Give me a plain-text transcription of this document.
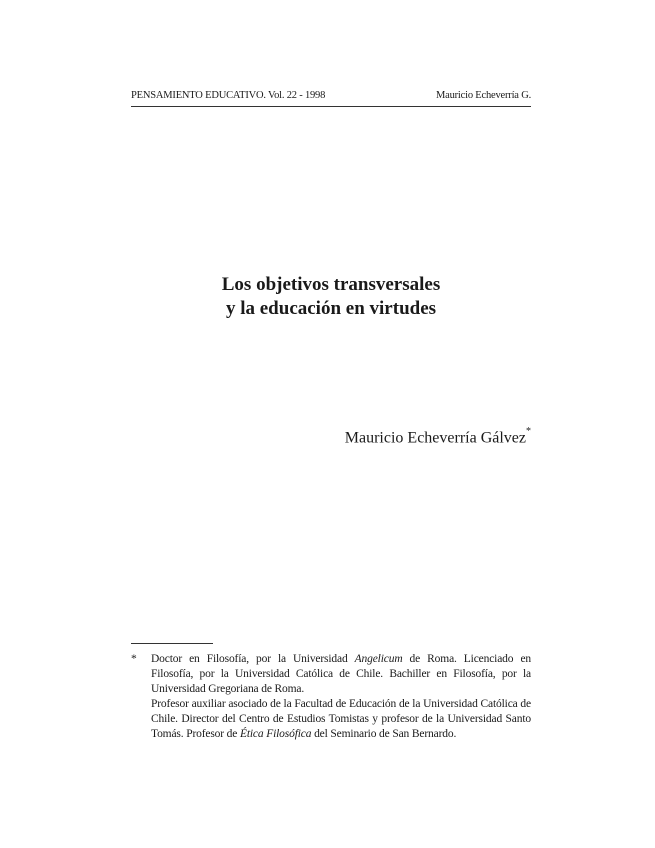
PENSAMIENTO EDUCATIVO. Vol. 22 - 1998	Mauricio Echeverría G.
Los objetivos transversales
y la educación en virtudes
Mauricio Echeverría Gálvez*
* Doctor en Filosofía, por la Universidad Angelicum de Roma. Licenciado en Filosofía, por la Universidad Católica de Chile. Bachiller en Filosofía, por la Universidad Gregoriana de Roma.

Profesor auxiliar asociado de la Facultad de Educación de la Universidad Católica de Chile. Director del Centro de Estudios Tomistas y profesor de la Universidad Santo Tomás. Profesor de Ética Filosófica del Seminario de San Bernardo.
